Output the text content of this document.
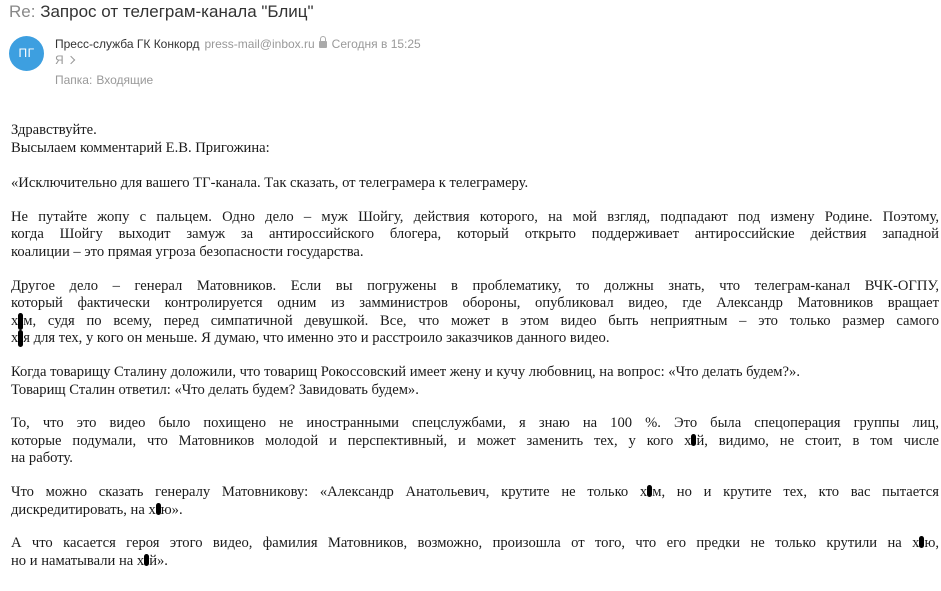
Re: Запрос от телеграм-канала "Блиц"
ПГ
Пресс-служба ГК Конкорд press-mail@inbox.ru Сегодня в 15:25
Я
Папка: Входящие

Здравствуйте.
Высылаем комментарий Е.В. Пригожина:

«Исключительно для вашего ТГ-канала. Так сказать, от телеграмера к телеграмеру.

Не путайте жопу с пальцем. Одно дело – муж Шойгу, действия которого, на мой взгляд, подпадают под измену Родине. Поэтому,
когда Шойгу выходит замуж за антироссийского блогера, который открыто поддерживает антироссийские действия западной
коалиции – это прямая угроза безопасности государства.

Другое дело – генерал Матовников. Если вы погружены в проблематику, то должны знать, что телеграм-канал ВЧК-ОГПУ,
который фактически контролируется одним из замминистров обороны, опубликовал видео, где Александр Матовников вращает
х м, судя по всему, перед симпатичной девушкой. Все, что может в этом видео быть неприятным – это только размер самого
х я для тех, у кого он меньше. Я думаю, что именно это и расстроило заказчиков данного видео.

Когда товарищу Сталину доложили, что товарищ Рокоссовский имеет жену и кучу любовниц, на вопрос: «Что делать будем?».
Товарищ Сталин ответил: «Что делать будем? Завидовать будем».

То, что это видео было похищено не иностранными спецслужбами, я знаю на 100 %. Это была спецоперация группы лиц,
которые подумали, что Матовников молодой и перспективный, и может заменить тех, у кого х й, видимо, не стоит, в том числе
на работу.

Что можно сказать генералу Матовникову: «Александр Анатольевич, крутите не только х м, но и крутите тех, кто вас пытается
дискредитировать, на х ю».

А что касается героя этого видео, фамилия Матовников, возможно, произошла от того, что его предки не только крутили на х ю,
но и наматывали на х й».
